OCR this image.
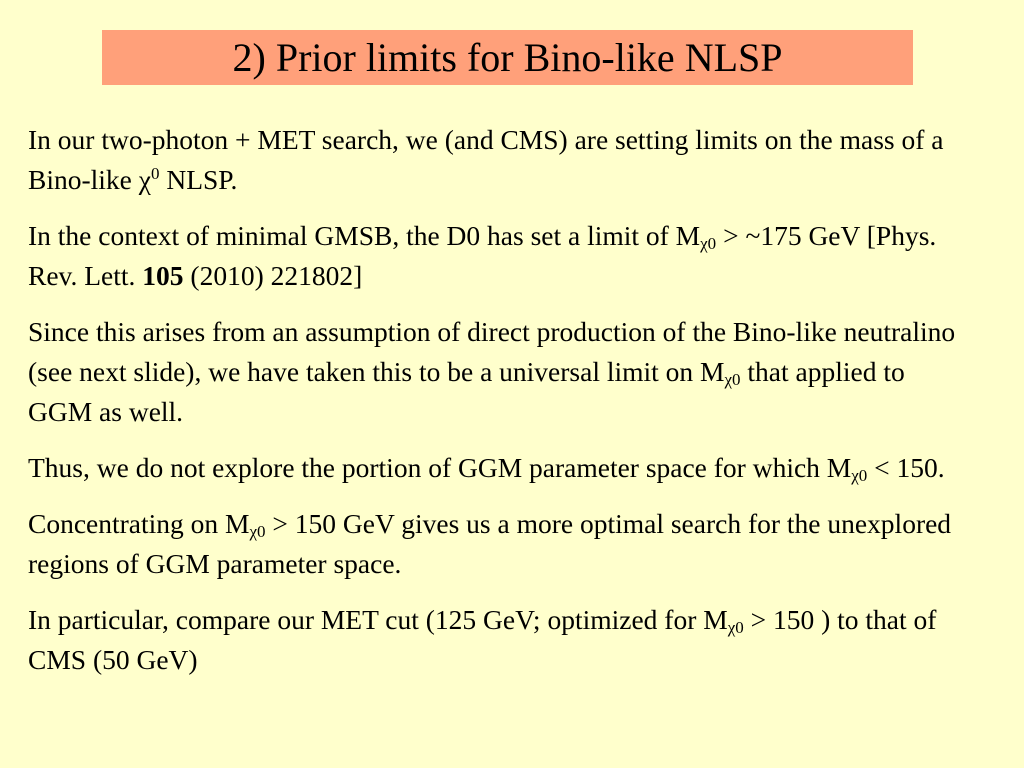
2) Prior limits for Bino-like NLSP

In our two-photon + MET search, we (and CMS) are setting limits on the mass of a Bino-like $\chi^0$ NLSP.

In the context of minimal GMSB, the D0 has set a limit of $M_{\chi 0}$ > ~175 GeV [Phys. Rev. Lett. 105 (2010) 221802]

Since this arises from an assumption of direct production of the Bino-like neutralino (see next slide), we have taken this to be a universal limit on $M_{\chi 0}$ that applied to GGM as well.

Thus, we do not explore the portion of GGM parameter space for which $M_{\chi 0} < 150$.

Concentrating on $M_{\chi 0} > 150$ GeV gives us a more optimal search for the unexplored regions of GGM parameter space.

In particular, compare our MET cut (125 GeV; optimized for $M_{\chi 0} > 150$ ) to that of CMS (50 GeV)
